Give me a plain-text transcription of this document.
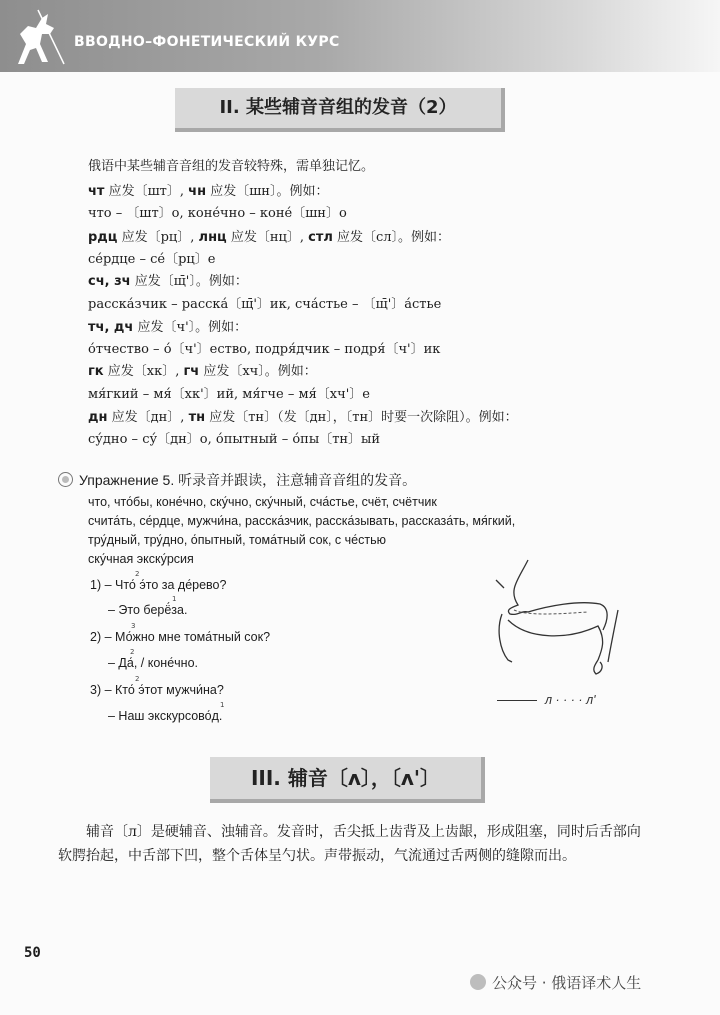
ВВОДНО–ФОНЕТИЧЕСКИЙ КУРС
II. 某些辅音音组的发音（2）
俄语中某些辅音音组的发音较特殊，需单独记忆。
чт 应发〔шт〕, чн 应发〔шн〕。例如：
что – 〔шт〕о, коне́чно – коне́〔шн〕о
рдц 应发〔рц〕, лнц 应发〔нц〕, стл 应发〔сл〕。例如：
се́рдце – се́〔рц〕е
сч, зч 应发〔щ̄'〕。例如：
расска́зчик – расска́〔щ̄'〕ик, сча́стье – 〔щ̄'〕а́стье
тч, дч 应发〔ч'〕。例如：
о́тчество – о́〔ч'〕ество, подря́дчик – подря́〔ч'〕ик
гк 应发〔хк〕, гч 应发〔хч〕。例如：
мя́гкий – мя́〔хк'〕ий, мя́гче – мя́〔хч'〕е
дн 应发〔дн〕, тн 应发〔тн〕（发〔дн〕，〔тн〕时要一次除阻）。例如：
су́дно – су́〔дн〕о, о́пытный – о́пы〔тн〕ый
Упражнение 5. 听录音并跟读，注意辅音音组的发音。
что, что́бы, коне́чно, ску́чно, ску́чный, сча́стье, счёт, счётчик
счита́ть, се́рдце, мужчи́на, расска́зчик, расска́зывать, рассказа́ть, мя́гкий,
тру́дный, тру́дно, о́пытный, тома́тный сок, с че́стью
ску́чная экску́рсия
1) – Что́ э́то за де́рево?
2
– Это берё́за.
1
2) – Мо́жно мне тома́тный сок?
3
– Да́, / коне́чно.
2
3) – Кто́ э́тот мужчи́на?
2
– Наш экскурсово́д.
1	л · · · · л'
III. 辅音〔ʌ〕，〔ʌ'〕
辅音〔л〕是硬辅音、浊辅音。发音时，舌尖抵上齿背及上齿龈，形成阻塞，同时后舌部向软腭抬起，中舌部下凹，整个舌体呈勺状。声带振动，气流通过舌两侧的缝隙而出。
50
公众号 · 俄语译术人生
